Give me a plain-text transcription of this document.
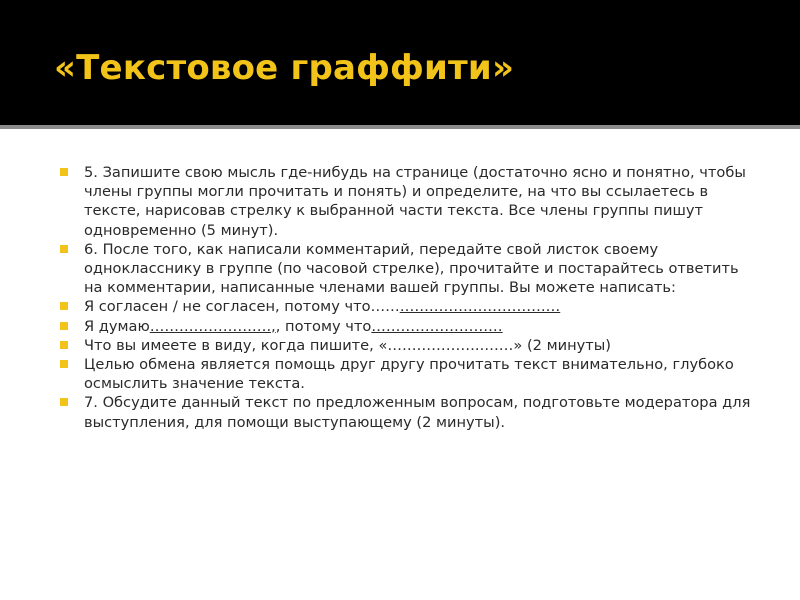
«Текстовое граффити»
5. Запишите свою мысль где-нибудь на странице (достаточно ясно и понятно, чтобы члены группы могли прочитать и понять) и определите, на что вы ссылаетесь в тексте, нарисовав стрелку к выбранной части текста. Все члены группы пишут одновременно (5 минут).
6. После того, как написали комментарий, передайте свой листок своему однокласснику в группе (по часовой стрелке), прочитайте и постарайтесь ответить на комментарии, написанные членами вашей группы. Вы можете написать:
Я согласен / не согласен, потому что…………………………………
Я думаю…………………….,, потому что………………………
Что вы имеете в виду, когда пишите, «………………..……» (2 минуты)
Целью обмена является помощь друг другу прочитать текст внимательно, глубоко осмыслить значение текста.
7. Обсудите данный текст по предложенным вопросам, подготовьте модератора для выступления, для помощи выступающему (2 минуты).
